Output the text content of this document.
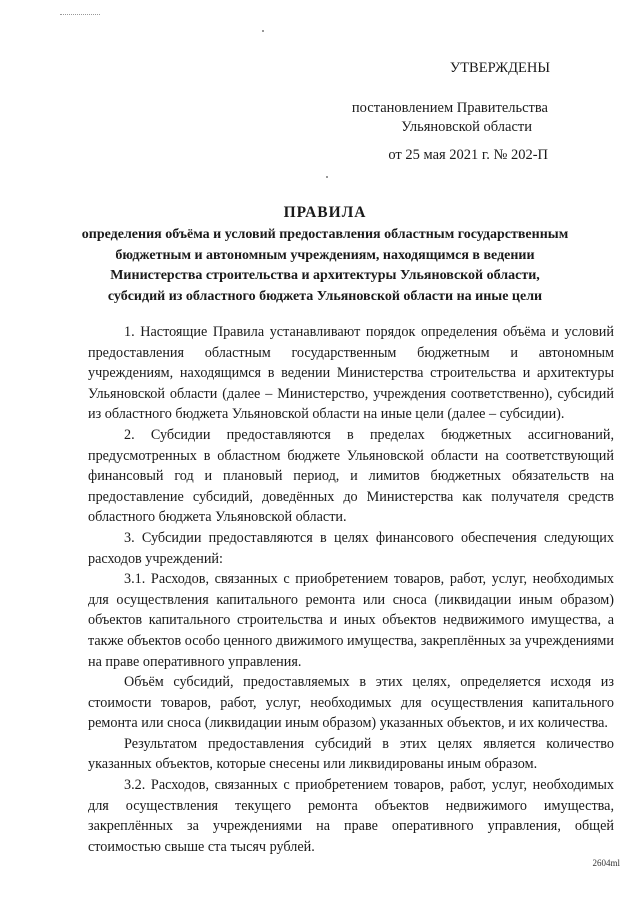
УТВЕРЖДЕНЫ
постановлением Правительства
Ульяновской области
от 25 мая 2021 г. № 202-П
ПРАВИЛА
определения объёма и условий предоставления областным государственным бюджетным и автономным учреждениям, находящимся в ведении Министерства строительства и архитектуры Ульяновской области, субсидий из областного бюджета Ульяновской области на иные цели

1. Настоящие Правила устанавливают порядок определения объёма и условий предоставления областным государственным бюджетным и автономным учреждениям, находящимся в ведении Министерства строительства и архитектуры Ульяновской области (далее – Министерство, учреждения соответственно), субсидий из областного бюджета Ульяновской области на иные цели (далее – субсидии).

2. Субсидии предоставляются в пределах бюджетных ассигнований, предусмотренных в областном бюджете Ульяновской области на соответствующий финансовый год и плановый период, и лимитов бюджетных обязательств на предоставление субсидий, доведённых до Министерства как получателя средств областного бюджета Ульяновской области.

3. Субсидии предоставляются в целях финансового обеспечения следующих расходов учреждений:

3.1. Расходов, связанных с приобретением товаров, работ, услуг, необходимых для осуществления капитального ремонта или сноса (ликвидации иным образом) объектов капитального строительства и иных объектов недвижимого имущества, а также объектов особо ценного движимого имущества, закреплённых за учреждениями на праве оперативного управления.

Объём субсидий, предоставляемых в этих целях, определяется исходя из стоимости товаров, работ, услуг, необходимых для осуществления капитального ремонта или сноса (ликвидации иным образом) указанных объектов, и их количества.

Результатом предоставления субсидий в этих целях является количество указанных объектов, которые снесены или ликвидированы иным образом.

3.2. Расходов, связанных с приобретением товаров, работ, услуг, необходимых для осуществления текущего ремонта объектов недвижимого имущества, закреплённых за учреждениями на праве оперативного управления, общей стоимостью свыше ста тысяч рублей.

2604ml
